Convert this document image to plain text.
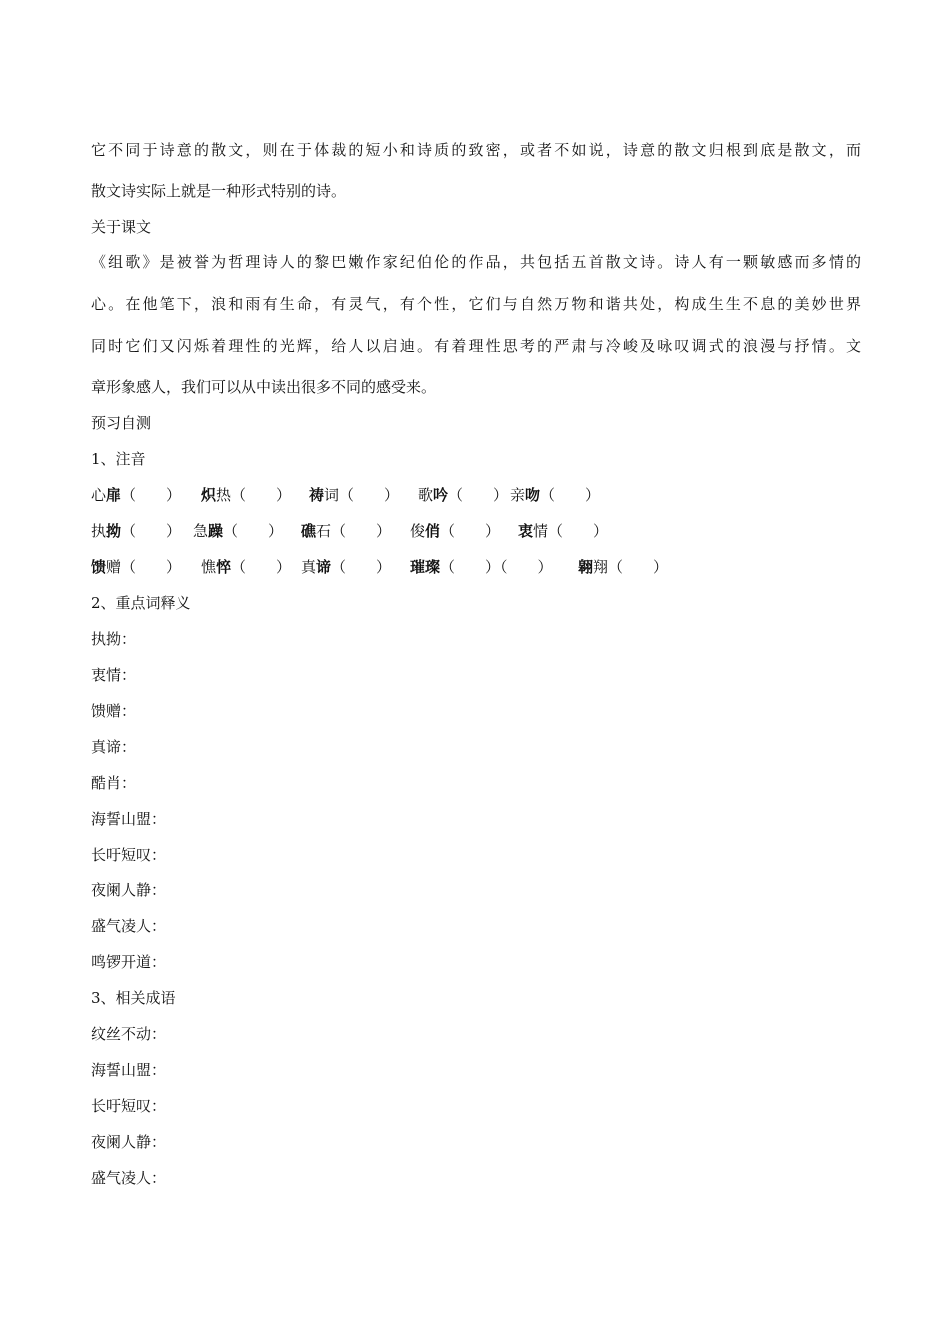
它不同于诗意的散文，则在于体裁的短小和诗质的致密，或者不如说，诗意的散文归根到底是散文，而
散文诗实际上就是一种形式特别的诗。
关于课文
《组歌》是被誉为哲理诗人的黎巴嫩作家纪伯伦的作品，共包括五首散文诗。诗人有一颗敏感而多情的
心。在他笔下，浪和雨有生命，有灵气，有个性，它们与自然万物和谐共处，构成生生不息的美妙世界
同时它们又闪烁着理性的光辉，给人以启迪。有着理性思考的严肃与冷峻及咏叹调式的浪漫与抒情。文
章形象感人，我们可以从中读出很多不同的感受来。
预习自测
1、注音
心扉（　　） 炽热（　　） 祷词（　　） 歌吟（　　） 亲吻（　　）
执拗（　　） 急躁（　　） 礁石（　　） 俊俏（　　） 衷情（　　）
馈赠（　　） 憔悴（　　） 真谛（　　） 璀璨（　　）（　　） 翱翔（　　）
2、重点词释义
执拗：
衷情：
馈赠：
真谛：
酷肖：
海誓山盟：
长吁短叹：
夜阑人静：
盛气凌人：
鸣锣开道：
3、相关成语
纹丝不动：
海誓山盟：
长吁短叹：
夜阑人静：
盛气凌人：
